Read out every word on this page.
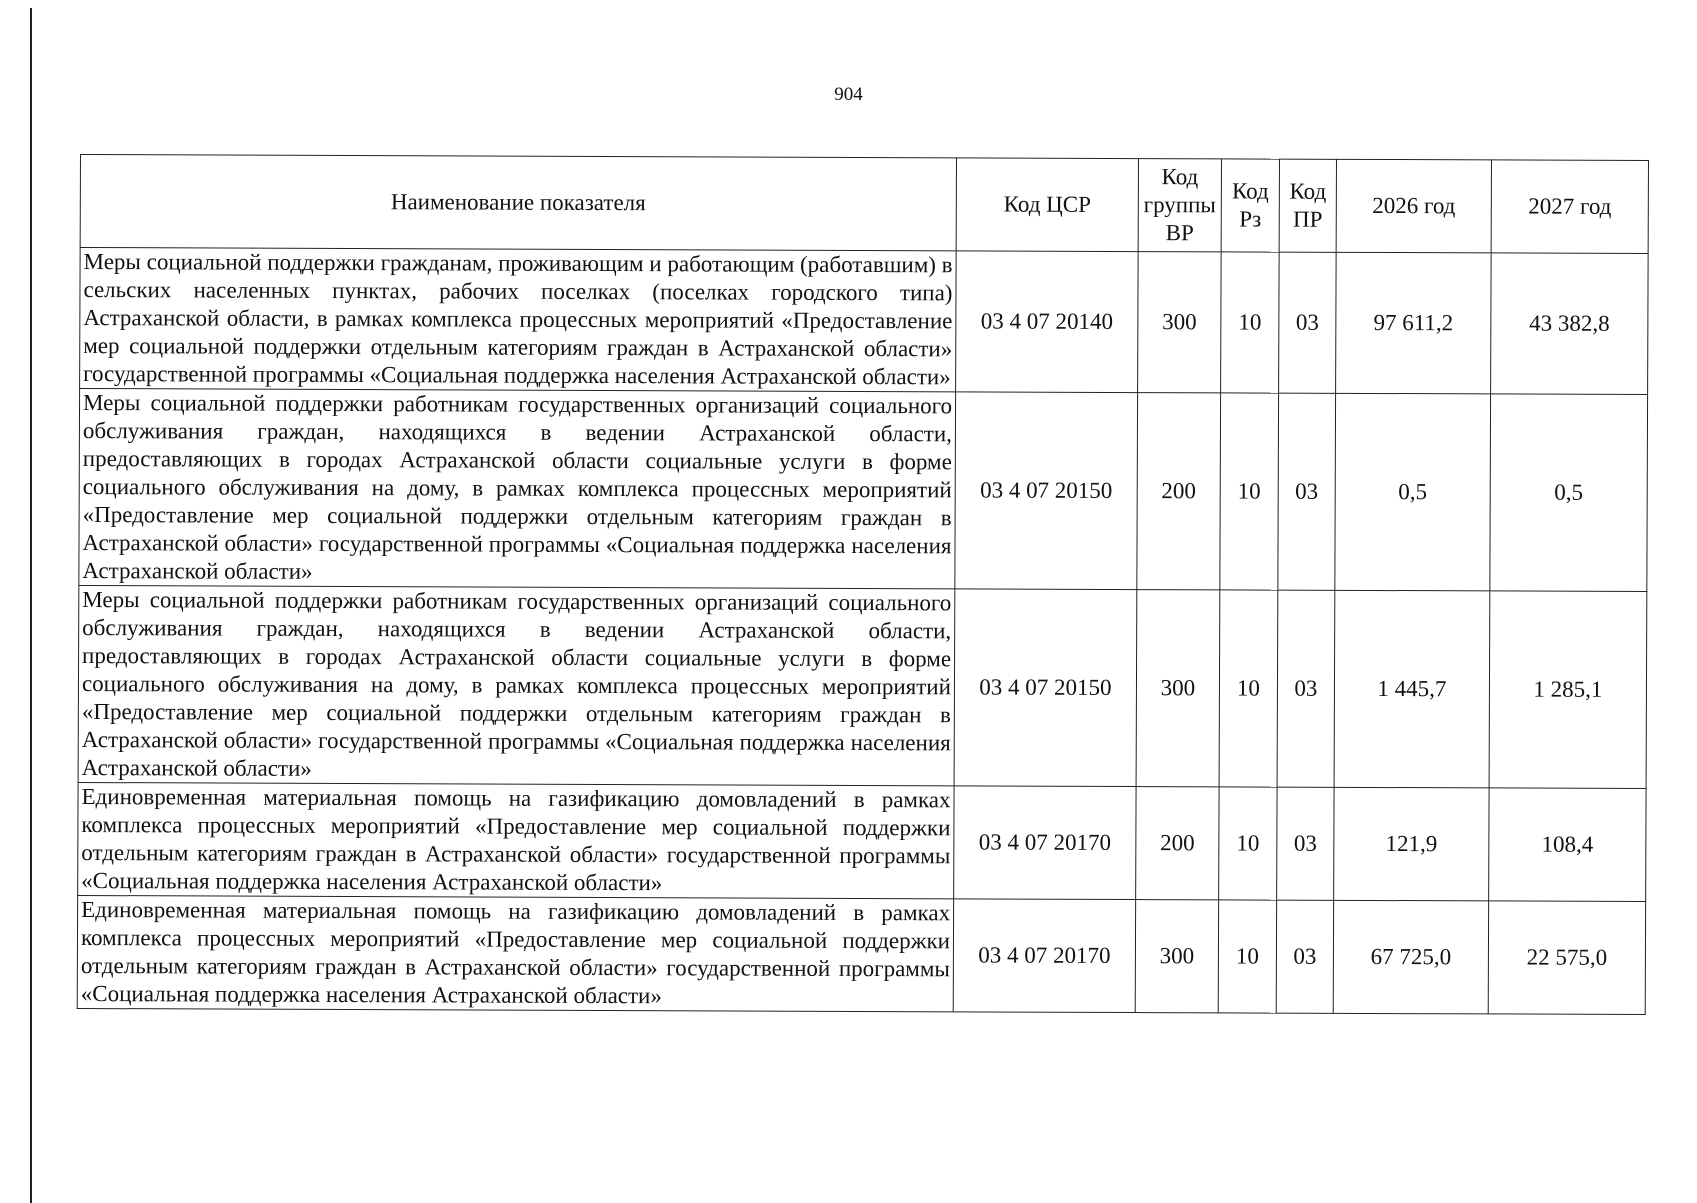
904
Наименование показателя	Код ЦСР	Код группы ВР	Код Рз	Код ПР	2026 год	2027 год
Меры социальной поддержки гражданам, проживающим и работающим (работавшим) в сельских населенных пунктах, рабочих поселках (поселках городского типа) Астраханской области, в рамках комплекса процессных мероприятий «Предоставление мер социальной поддержки отдельным категориям граждан в Астраханской области» государственной программы «Социальная поддержка населения Астраханской области»	03 4 07 20140	300	10	03	97 611,2	43 382,8
Меры социальной поддержки работникам государственных организаций социального обслуживания граждан, находящихся в ведении Астраханской области, предоставляющих в городах Астраханской области социальные услуги в форме социального обслуживания на дому, в рамках комплекса процессных мероприятий «Предоставление мер социальной поддержки отдельным категориям граждан в Астраханской области» государственной программы «Социальная поддержка населения Астраханской области»	03 4 07 20150	200	10	03	0,5	0,5
Меры социальной поддержки работникам государственных организаций социального обслуживания граждан, находящихся в ведении Астраханской области, предоставляющих в городах Астраханской области социальные услуги в форме социального обслуживания на дому, в рамках комплекса процессных мероприятий «Предоставление мер социальной поддержки отдельным категориям граждан в Астраханской области» государственной программы «Социальная поддержка населения Астраханской области»	03 4 07 20150	300	10	03	1 445,7	1 285,1
Единовременная материальная помощь на газификацию домовладений в рамках комплекса процессных мероприятий «Предоставление мер социальной поддержки отдельным категориям граждан в Астраханской области» государственной программы «Социальная поддержка населения Астраханской области»	03 4 07 20170	200	10	03	121,9	108,4
Единовременная материальная помощь на газификацию домовладений в рамках комплекса процессных мероприятий «Предоставление мер социальной поддержки отдельным категориям граждан в Астраханской области» государственной программы «Социальная поддержка населения Астраханской области»	03 4 07 20170	300	10	03	67 725,0	22 575,0
